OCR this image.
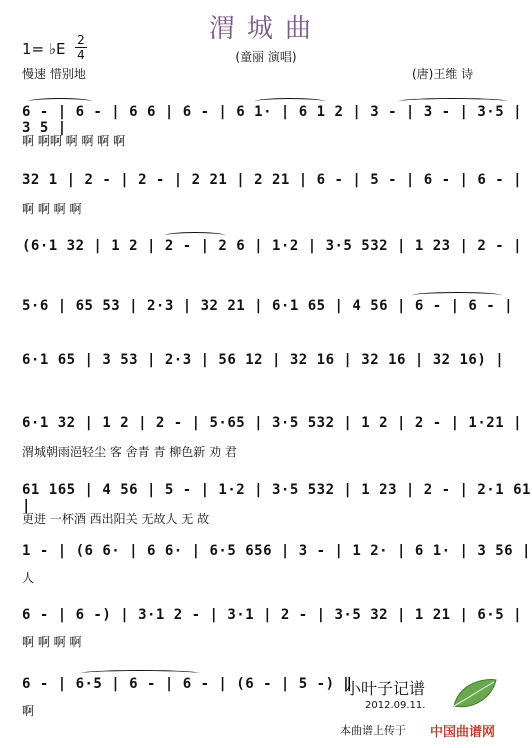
渭城曲
1= ♭E 2
4
慢速 惜别地
(童丽 演唱)
(唐)王维 诗
6 - | 6 - | 6 6 | 6 - | 6 1· | 6 1 2 | 3 - | 3 - | 3·5 | 3 5 |
啊 啊啊 啊 啊 啊 啊
32 1 | 2 - | 2 - | 2 21 | 2 21 | 6 - | 5 - | 6 - | 6 - |
啊 啊 啊 啊
(6·1 32 | 1 2 | 2 - | 2 6 | 1·2 | 3·5 532 | 1 23 | 2 - |
5·6 | 65 53 | 2·3 | 32 21 | 6·1 65 | 4 56 | 6 - | 6 - |
6·1 65 | 3 53 | 2·3 | 56 12 | 32 16 | 32 16 | 32 16) |
6·1 32 | 1 2 | 2 - | 5·65 | 3·5 532 | 1 2 | 2 - | 1·21 |
渭城朝雨浥轻尘 客 舍青 青 柳色新 劝 君
61 165 | 4 56 | 5 - | 1·2 | 3·5 532 | 1 23 | 2 - | 2·1 61 |
更进 一杯酒 西出阳关 无故人 无 故
1 - | (6 6· | 6 6· | 6·5 656 | 3 - | 1 2· | 6 1· | 3 56 |
人
6 - | 6 -) | 3·1 2 - | 3·1 | 2 - | 3·5 32 | 1 21 | 6·5 |
啊 啊 啊 啊
6 - | 6·5 | 6 - | 6 - | (6 - | 5 -) ‖
啊
小叶子记谱
2012.09.11.
本曲谱上传于 中国曲谱网
